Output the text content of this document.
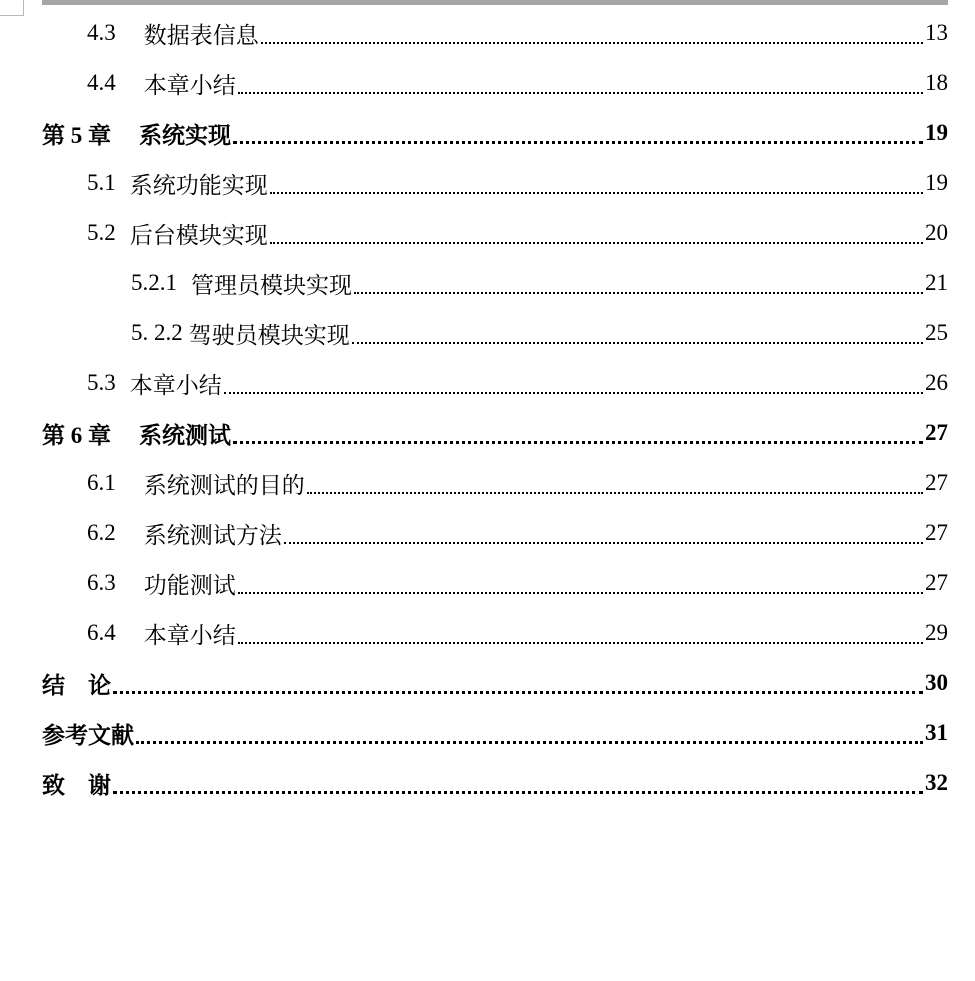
4.3 数据表信息	13
4.4 本章小结	18
第 5 章 系统实现	19
5.1 系统功能实现	19
5.2 后台模块实现	20
5.2.1 管理员模块实现	21
5. 2.2 驾驶员模块实现	25
5.3 本章小结	26
第 6 章 系统测试	27
6.1 系统测试的目的	27
6.2 系统测试方法	27
6.3 功能测试	27
6.4 本章小结	29
结　论	30
参考文献	31
致　谢	32
